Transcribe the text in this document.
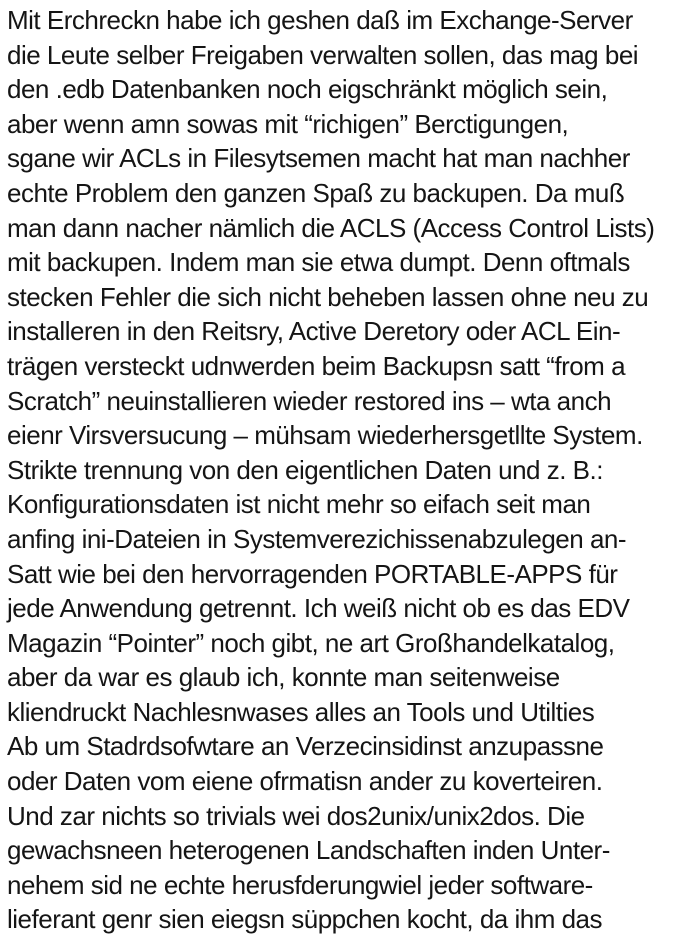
Mit Erchreckn habe ich geshen daß im Exchange-Server
die Leute selber Freigaben verwalten sollen, das mag bei
den .edb Datenbanken noch eigschränkt möglich sein,
aber wenn amn sowas mit “richigen” Berctigungen,
sgane wir ACLs in Filesytsemen macht hat man nachher
echte Problem den ganzen Spaß zu backupen. Da muß
man dann nacher nämlich die ACLS (Access Control Lists)
mit backupen. Indem man sie etwa dumpt. Denn oftmals
stecken Fehler die sich nicht beheben lassen ohne neu zu
installeren in den Reitsry, Active Deretory oder ACL Ein-
trägen versteckt udnwerden beim Backupsn satt “from a
Scratch” neuinstallieren wieder restored ins – wta anch
eienr Virsversucung – mühsam wiederhersgetllte System.
Strikte trennung von den eigentlichen Daten und z. B.:
Konfigurationsdaten ist nicht mehr so eifach seit man
anfing ini-Dateien in Systemverezichissenabzulegen an-
Satt wie bei den hervorragenden PORTABLE-APPS für
jede Anwendung getrennt. Ich weiß nicht ob es das EDV
Magazin “Pointer” noch gibt, ne art Großhandelkatalog,
aber da war es glaub ich, konnte man seitenweise
kliendruckt Nachlesnwases alles an Tools und Utilties
Ab um Stadrdsofwtare an Verzecinsidinst anzupassne
oder Daten vom eiene ofrmatisn ander zu koverteiren.
Und zar nichts so trivials wei dos2unix/unix2dos. Die
gewachsneen heterogenen Landschaften inden Unter-
nehem sid ne echte herusfderungwiel jeder software-
lieferant genr sien eiegsn süppchen kocht, da ihm das
